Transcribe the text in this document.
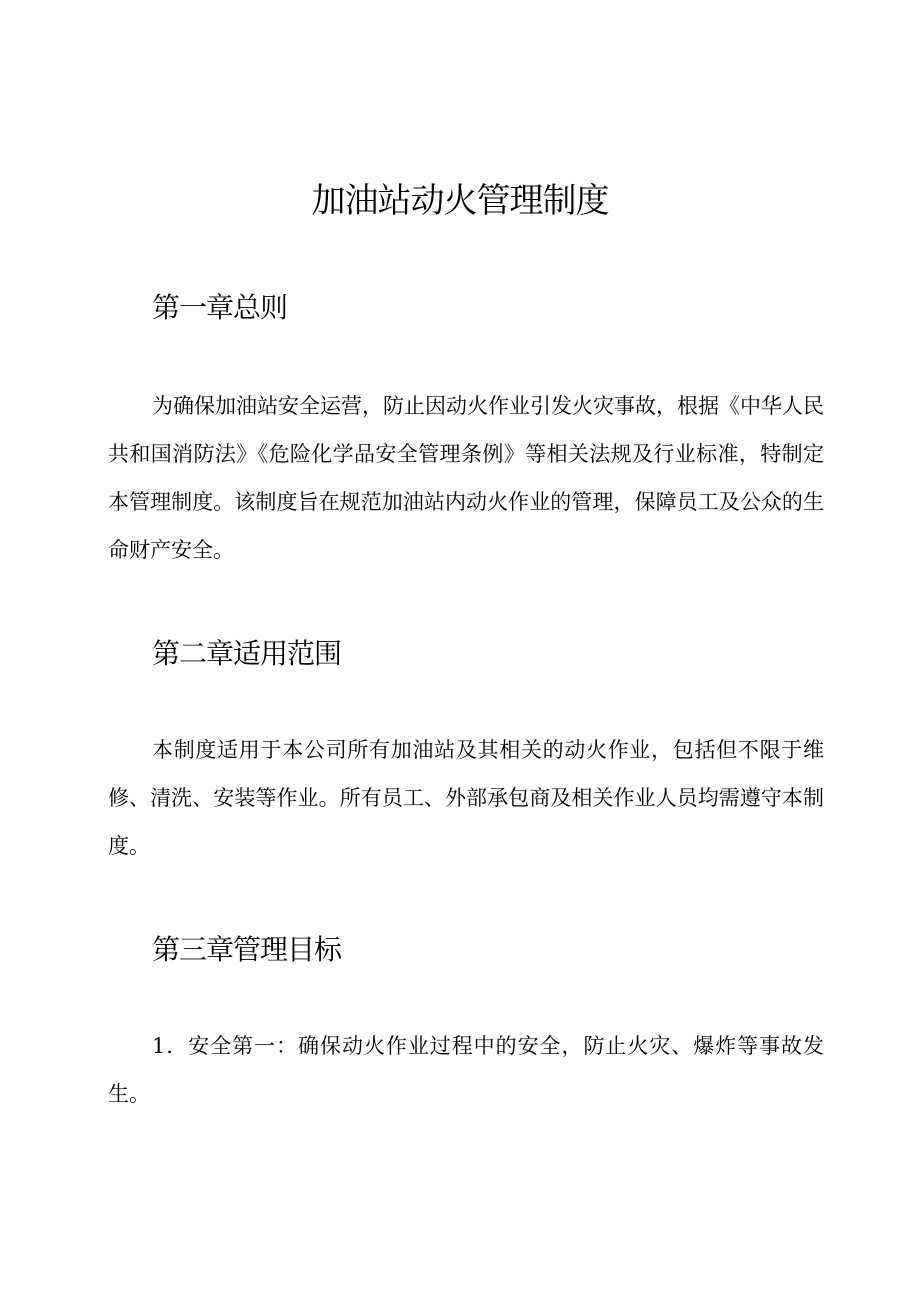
加油站动火管理制度
第一章总则

为确保加油站安全运营，防止因动火作业引发火灾事故，根据《中华人民共和国消防法》《危险化学品安全管理条例》等相关法规及行业标准，特制定本管理制度。该制度旨在规范加油站内动火作业的管理，保障员工及公众的生命财产安全。

第二章适用范围

本制度适用于本公司所有加油站及其相关的动火作业，包括但不限于维修、清洗、安装等作业。所有员工、外部承包商及相关作业人员均需遵守本制度。

第三章管理目标

1．安全第一：确保动火作业过程中的安全，防止火灾、爆炸等事故发生。
